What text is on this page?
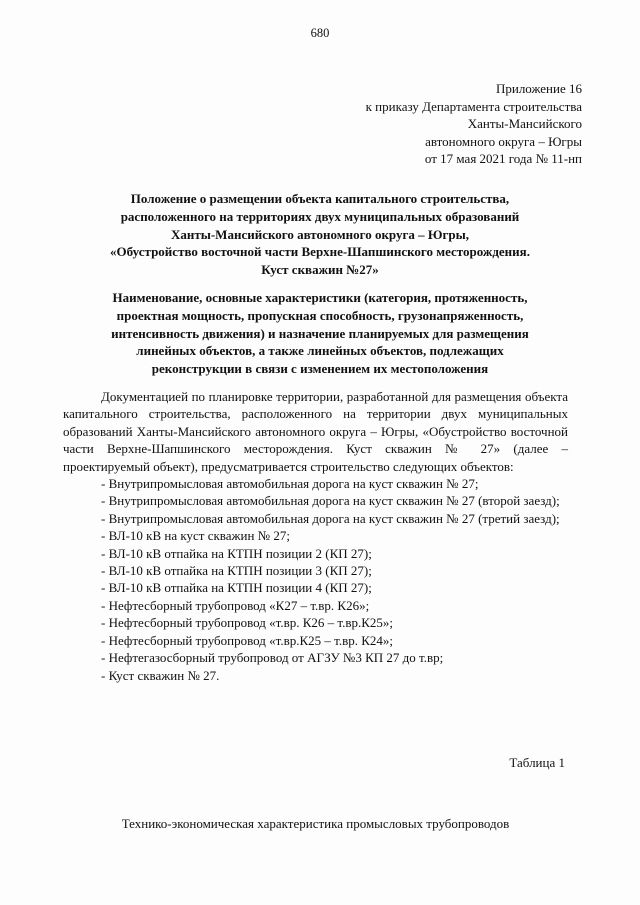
680
Приложение 16
к приказу Департамента строительства
Ханты-Мансийского
автономного округа – Югры
от 17 мая 2021 года № 11-нп
Положение о размещении объекта капитального строительства,
расположенного на территориях двух муниципальных образований
Ханты-Мансийского автономного округа – Югры,
«Обустройство восточной части Верхне-Шапшинского месторождения.
Куст скважин №27»
Наименование, основные характеристики (категория, протяженность,
проектная мощность, пропускная способность, грузонапряженность,
интенсивность движения) и назначение планируемых для размещения
линейных объектов, а также линейных объектов, подлежащих
реконструкции в связи с изменением их местоположения

Документацией по планировке территории, разработанной для размещения объекта капитального строительства, расположенного на территории двух муниципальных образований Ханты-Мансийского автономного округа – Югры, «Обустройство восточной части Верхне-Шапшинского месторождения. Куст скважин № 27» (далее – проектируемый объект), предусматривается строительство следующих объектов:

- Внутрипромысловая автомобильная дорога на куст скважин № 27;
- Внутрипромысловая автомобильная дорога на куст скважин № 27 (второй заезд);
- Внутрипромысловая автомобильная дорога на куст скважин № 27 (третий заезд);
- ВЛ-10 кВ на куст скважин № 27;
- ВЛ-10 кВ отпайка на КТПН позиции 2 (КП 27);
- ВЛ-10 кВ отпайка на КТПН позиции 3 (КП 27);
- ВЛ-10 кВ отпайка на КТПН позиции 4 (КП 27);
- Нефтесборный трубопровод «К27 – т.вр. К26»;
- Нефтесборный трубопровод «т.вр. К26 – т.вр.К25»;
- Нефтесборный трубопровод «т.вр.К25 – т.вр. К24»;
- Нефтегазосборный трубопровод от АГЗУ №3 КП 27 до т.вр;
- Куст скважин № 27.
Таблица 1
Технико-экономическая характеристика промысловых трубопроводов
